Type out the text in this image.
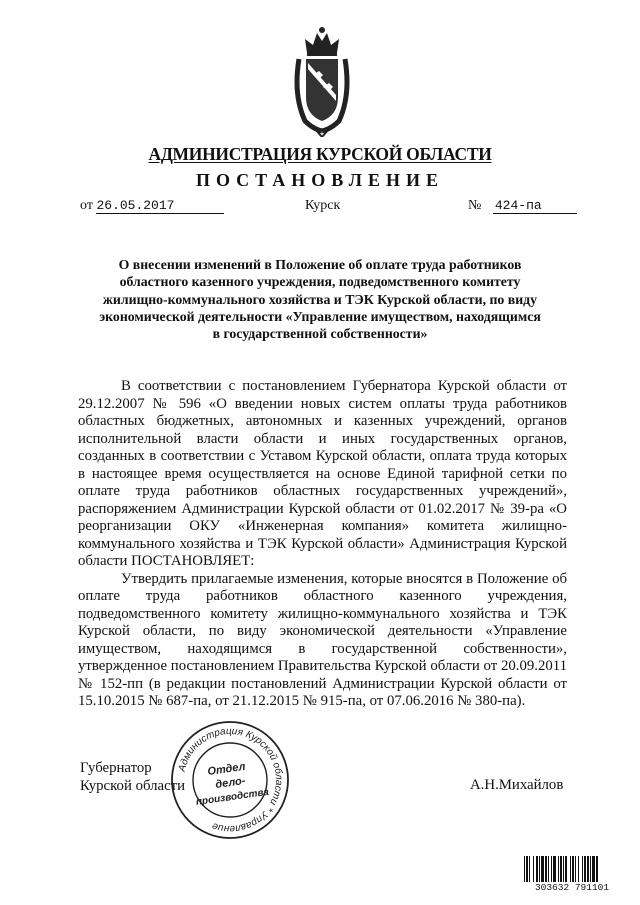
АДМИНИСТРАЦИЯ КУРСКОЙ ОБЛАСТИ
ПОСТАНОВЛЕНИЕ
от 26.05.2017	Курск	№ 424-па
О внесении изменений в Положение об оплате труда работников
областного казенного учреждения, подведомственного комитету
жилищно-коммунального хозяйства и ТЭК Курской области, по виду
экономической деятельности «Управление имуществом, находящимся
в государственной собственности»

В соответствии с постановлением Губернатора Курской области от 29.12.2007 № 596 «О введении новых систем оплаты труда работников областных бюджетных, автономных и казенных учреждений, органов исполнительной власти области и иных государственных органов, созданных в соответствии с Уставом Курской области, оплата труда которых в настоящее время осуществляется на основе Единой тарифной сетки по оплате труда работников областных государственных учреждений», распоряжением Администрации Курской области от 01.02.2017 № 39-ра «О реорганизации ОКУ «Инженерная компания» комитета жилищно-коммунального хозяйства и ТЭК Курской области» Администрация Курской области ПОСТАНОВЛЯЕТ:

Утвердить прилагаемые изменения, которые вносятся в Положение об оплате труда работников областного казенного учреждения, подведомственного комитету жилищно-коммунального хозяйства и ТЭК Курской области, по виду экономической деятельности «Управление имуществом, находящимся в государственной собственности», утвержденное постановлением Правительства Курской области от 20.09.2011 № 152-пп (в редакции постановлений Администрации Курской области от 15.10.2015 № 687-па, от 21.12.2015 № 915-па, от 07.06.2016 № 380-па).

Губернатор
Курской области	А.Н.Михайлов
Администрация Курской области * Управление
Отдел
дело-
производства
303632 791101
